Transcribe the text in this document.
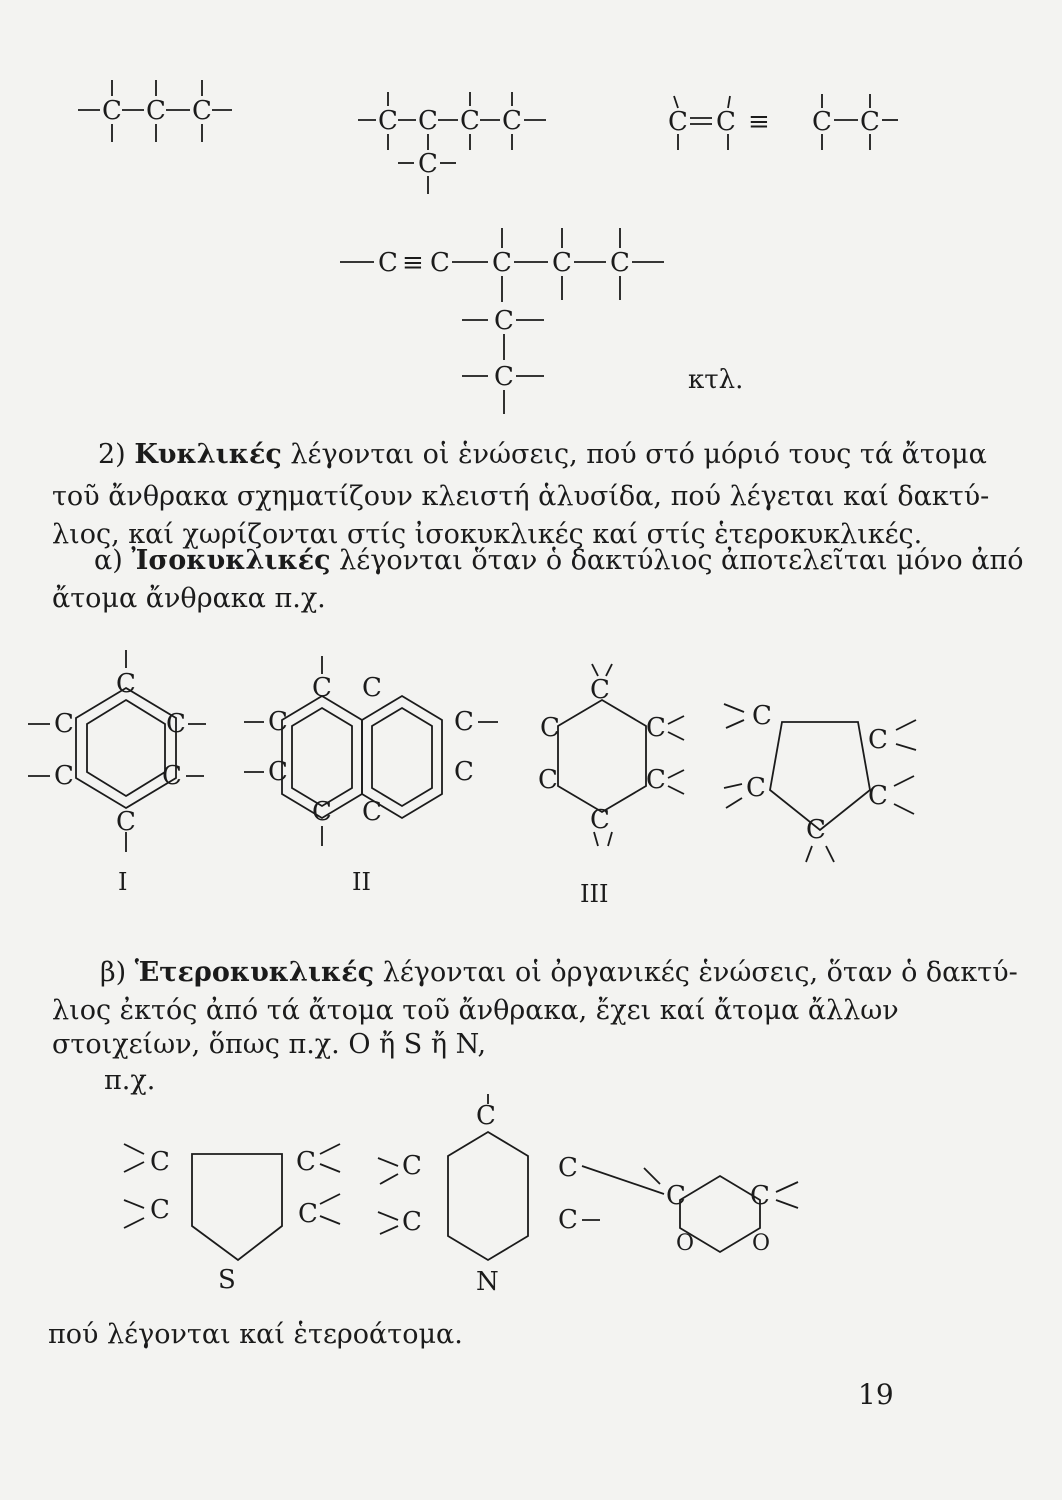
C C C	C C C C
C
C C ≡ C C
C ≡ C C C C
C
C	κτλ.
C
C
C
C
C
C
C C
C
C
C
C
C C
C
C	C
C	C
C
C
C
C	C
C
C
C
C
C
S
C
C
C
N
C
C
C C
O	O
I	II	III

2) Κυκλικές λέγονται οἱ ἑνώσεις, πού στό μόριό τους τά ἄτομα

τοῦ ἄνθρακα σχηματίζουν κλειστή ἁλυσίδα, πού λέγεται καί δακτύ-

λιος, καί χωρίζονται στίς ἰσοκυκλικές καί στίς ἑτεροκυκλικές.

α) Ἰσοκυκλικές λέγονται ὅταν ὁ δακτύλιος ἀποτελεῖται μόνο ἀπό

ἄτομα ἄνθρακα π.χ.

β) Ἑτεροκυκλικές λέγονται οἱ ὀργανικές ἑνώσεις, ὅταν ὁ δακτύ-

λιος ἐκτός ἀπό τά ἄτομα τοῦ ἄνθρακα, ἔχει καί ἄτομα ἄλλων

στοιχείων, ὅπως π.χ. O ἤ S ἤ N,

π.χ.

πού λέγονται καί ἑτεροάτομα.

19
